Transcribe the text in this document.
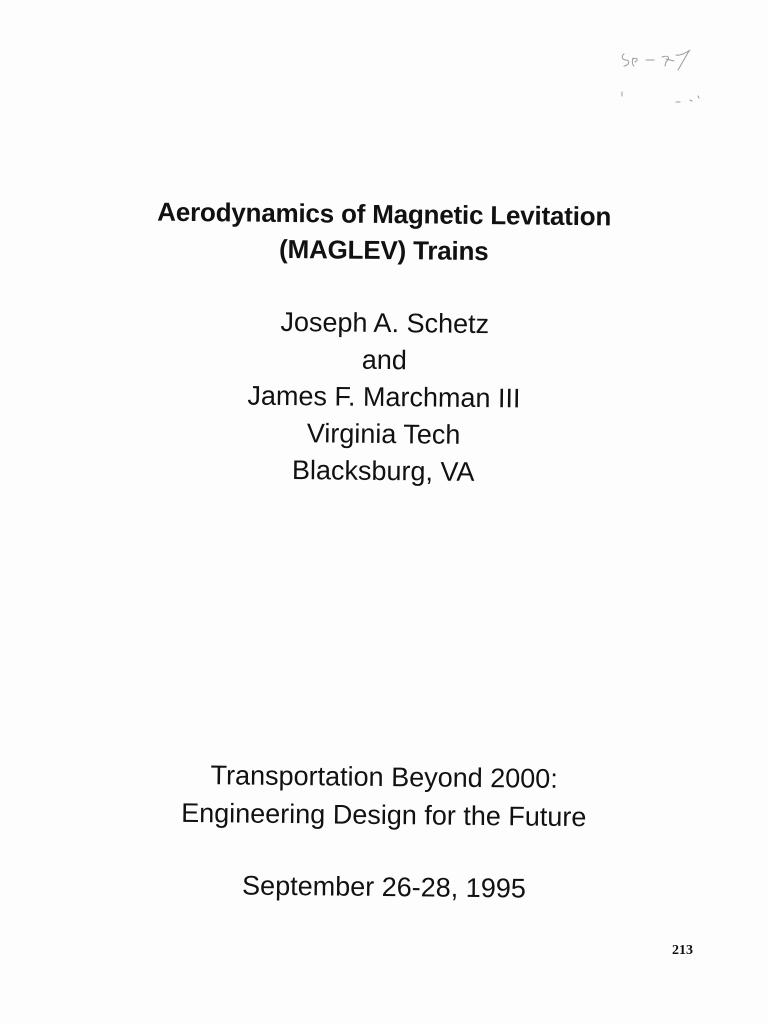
Aerodynamics of Magnetic Levitation
(MAGLEV) Trains
Joseph A. Schetz
and
James F. Marchman III
Virginia Tech
Blacksburg, VA
Transportation Beyond 2000:
Engineering Design for the Future
September 26-28, 1995
213
